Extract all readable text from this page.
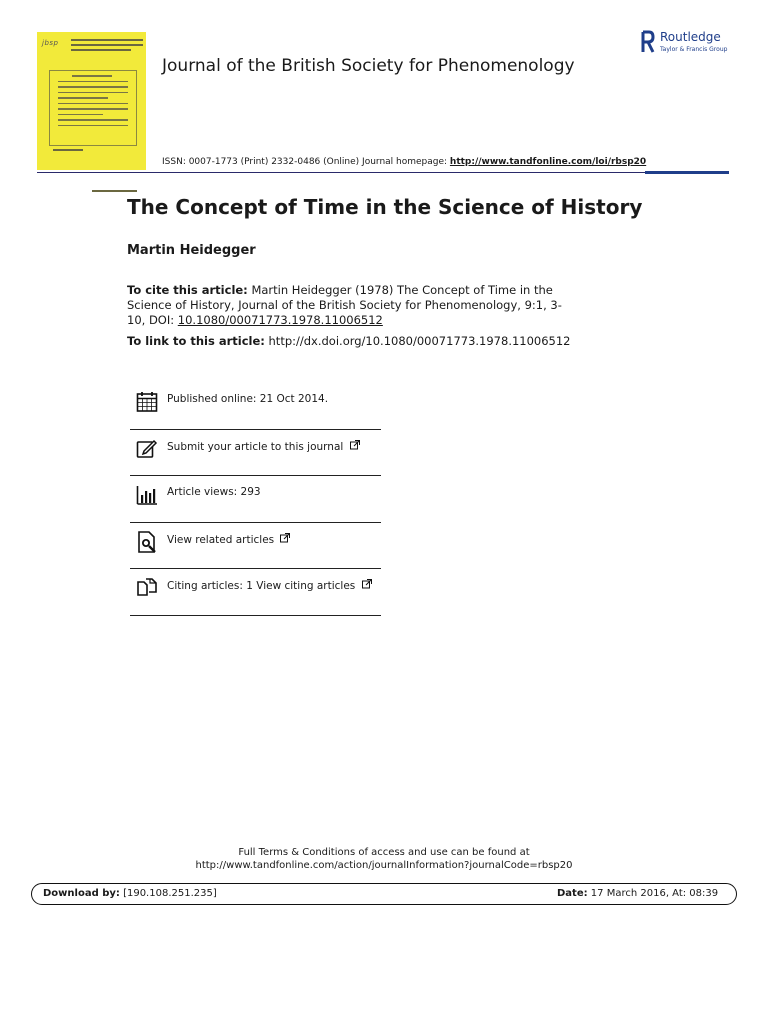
jbsp
Journal of the British Society for Phenomenology
ISSN: 0007-1773 (Print) 2332-0486 (Online) Journal homepage: http://www.tandfonline.com/loi/rbsp20
Routledge
Taylor & Francis Group
The Concept of Time in the Science of History
Martin Heidegger
To cite this article: Martin Heidegger (1978) The Concept of Time in the Science of History, Journal of the British Society for Phenomenology, 9:1, 3-10, DOI: 10.1080/00071773.1978.11006512
To link to this article: http://dx.doi.org/10.1080/00071773.1978.11006512
Published online: 21 Oct 2014.
Submit your article to this journal
Article views: 293
View related articles
Citing articles: 1 View citing articles
Full Terms & Conditions of access and use can be found at
http://www.tandfonline.com/action/journalInformation?journalCode=rbsp20
Download by: [190.108.251.235]	Date: 17 March 2016, At: 08:39
